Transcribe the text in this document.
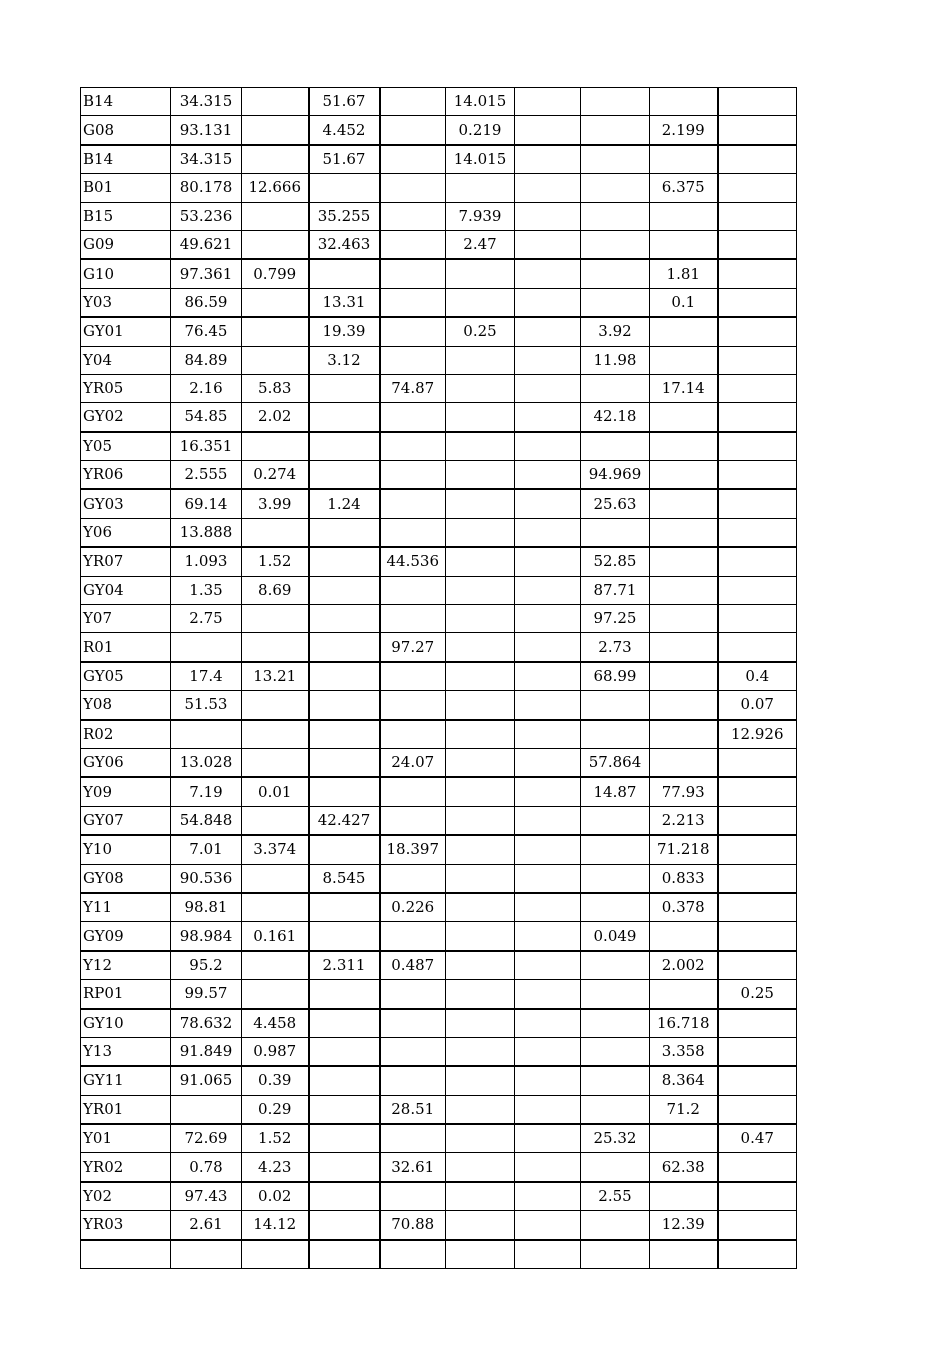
B14	34.315		51.67		14.015				
G08	93.131		4.452		0.219			2.199	
B14	34.315		51.67		14.015				
B01	80.178	12.666						6.375	
B15	53.236		35.255		7.939				
G09	49.621		32.463		2.47				
G10	97.361	0.799						1.81	
Y03	86.59		13.31					0.1	
GY01	76.45		19.39		0.25		3.92		
Y04	84.89		3.12				11.98		
YR05	2.16	5.83		74.87				17.14	
GY02	54.85	2.02					42.18		
Y05	16.351								
YR06	2.555	0.274					94.969		
GY03	69.14	3.99	1.24				25.63		
Y06	13.888								
YR07	1.093	1.52		44.536			52.85		
GY04	1.35	8.69					87.71		
Y07	2.75						97.25		
R01				97.27			2.73		
GY05	17.4	13.21					68.99		0.4
Y08	51.53								0.07
R02									12.926
GY06	13.028			24.07			57.864		
Y09	7.19	0.01					14.87	77.93	
GY07	54.848		42.427					2.213	
Y10	7.01	3.374		18.397				71.218	
GY08	90.536		8.545					0.833	
Y11	98.81			0.226				0.378	
GY09	98.984	0.161					0.049		
Y12	95.2		2.311	0.487				2.002	
RP01	99.57								0.25
GY10	78.632	4.458						16.718	
Y13	91.849	0.987						3.358	
GY11	91.065	0.39						8.364	
YR01		0.29		28.51				71.2	
Y01	72.69	1.52					25.32		0.47
YR02	0.78	4.23		32.61				62.38	
Y02	97.43	0.02					2.55		
YR03	2.61	14.12		70.88				12.39	
